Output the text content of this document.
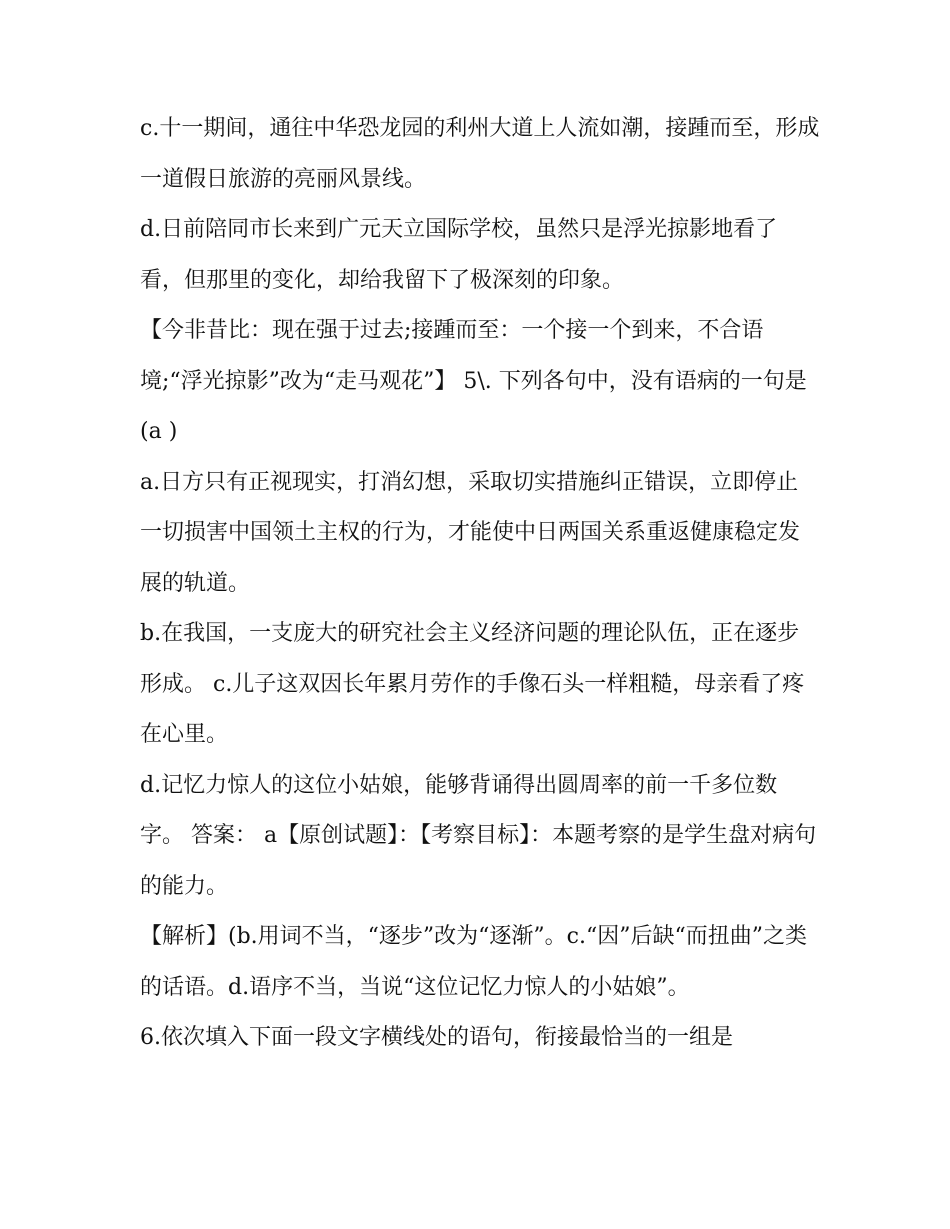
c.十一期间，通往中华恐龙园的利州大道上人流如潮，接踵而至，形成一道假日旅游的亮丽风景线。

d.日前陪同市长来到广元天立国际学校，虽然只是浮光掠影地看了看，但那里的变化，却给我留下了极深刻的印象。

【今非昔比：现在强于过去;接踵而至：一个接一个到来，不合语境;“浮光掠影”改为“走马观花”】 5\. 下列各句中，没有语病的一句是(a )

a.日方只有正视现实，打消幻想，采取切实措施纠正错误，立即停止一切损害中国领土主权的行为，才能使中日两国关系重返健康稳定发展的轨道。

b.在我国，一支庞大的研究社会主义经济问题的理论队伍，正在逐步形成。 c.儿子这双因长年累月劳作的手像石头一样粗糙，母亲看了疼在心里。

d.记忆力惊人的这位小姑娘，能够背诵得出圆周率的前一千多位数字。 答案： a【原创试题】：【考察目标】：本题考察的是学生盘对病句的能力。

【解析】(b.用词不当，“逐步”改为“逐渐”。c.“因”后缺“而扭曲”之类的话语。d.语序不当，当说“这位记忆力惊人的小姑娘”。

6.依次填入下面一段文字横线处的语句，衔接最恰当的一组是
